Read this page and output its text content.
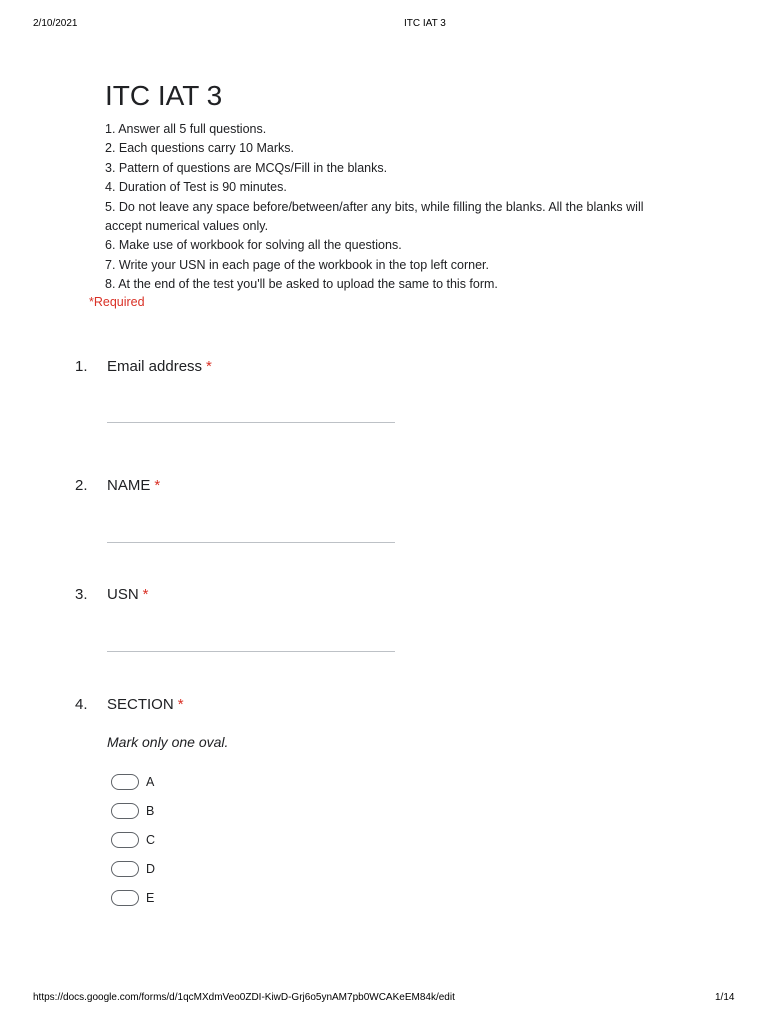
2/10/2021	ITC IAT 3
ITC IAT 3
1. Answer all 5 full questions.
2. Each questions carry 10 Marks.
3. Pattern of questions are MCQs/Fill in the blanks.
4. Duration of Test is 90 minutes.
5. Do not leave any space before/between/after any bits, while filling the blanks. All the blanks will accept numerical values only.
6. Make use of workbook for solving all the questions.
7. Write your USN in each page of the workbook in the top left corner.
8. At the end of the test you'll be asked to upload the same to this form.
*Required
1. Email address *
2. NAME *
3. USN *
4. SECTION *
Mark only one oval.
A
B
C
D
E
https://docs.google.com/forms/d/1qcMXdmVeo0ZDI-KiwD-Grj6o5ynAM7pb0WCAKeEM84k/edit	1/14
